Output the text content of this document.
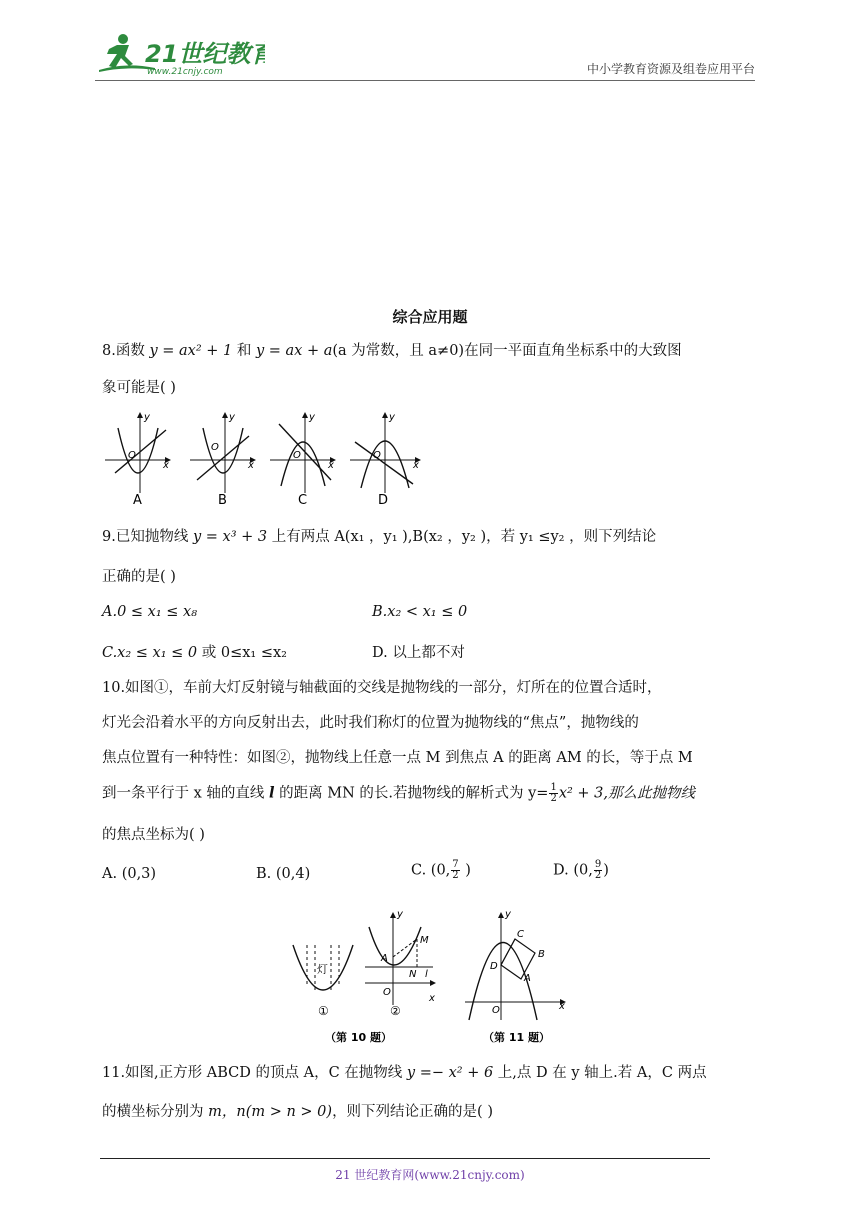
21世纪教育
www.21cnjy.com	中小学教育资源及组卷应用平台
综合应用题
8.函数 y = ax² + 1 和 y = ax + a(a 为常数，且 a≠0)在同一平面直角坐标系中的大致图
象可能是( )
y
x
O
A
y
x
O
B
y
x
O
C
y
x
O
D
9.已知抛物线 y = x³ + 3 上有两点 A(x₁ ，y₁ ),B(x₂ ，y₂ )，若 y₁ ≤y₂ ，则下列结论
正确的是( )
A.0 ≤ x₁ ≤ x₈	B.x₂ < x₁ ≤ 0
C.x₂ ≤ x₁ ≤ 0 或 0≤x₁ ≤x₂	D. 以上都不对
10.如图①，车前大灯反射镜与轴截面的交线是抛物线的一部分，灯所在的位置合适时，
灯光会沿着水平的方向反射出去，此时我们称灯的位置为抛物线的“焦点”，抛物线的
焦点位置有一种特性：如图②，抛物线上任意一点 M 到焦点 A 的距离 AM 的长，等于点 M
到一条平行于 x 轴的直线 l 的距离 MN 的长.若抛物线的解析式为 $y= \frac{1}{2} x^2 + 3$,那么此抛物线
的焦点坐标为( )
A. (0,3)	B. (0,4)	C. (0, $\frac{7}{2}$ )	D. (0, $\frac{9}{2}$ )
灯
①
y
A
M
N l
O
x
②
y
C
B
D
A
O	x
（第 10 题）	（第 11 题）
11.如图,正方形 ABCD 的顶点 A，C 在抛物线 y =− x² + 6 上,点 D 在 y 轴上.若 A，C 两点
的横坐标分别为 m，n(m > n > 0)，则下列结论正确的是( )
21 世纪教育网(www.21cnjy.com)
